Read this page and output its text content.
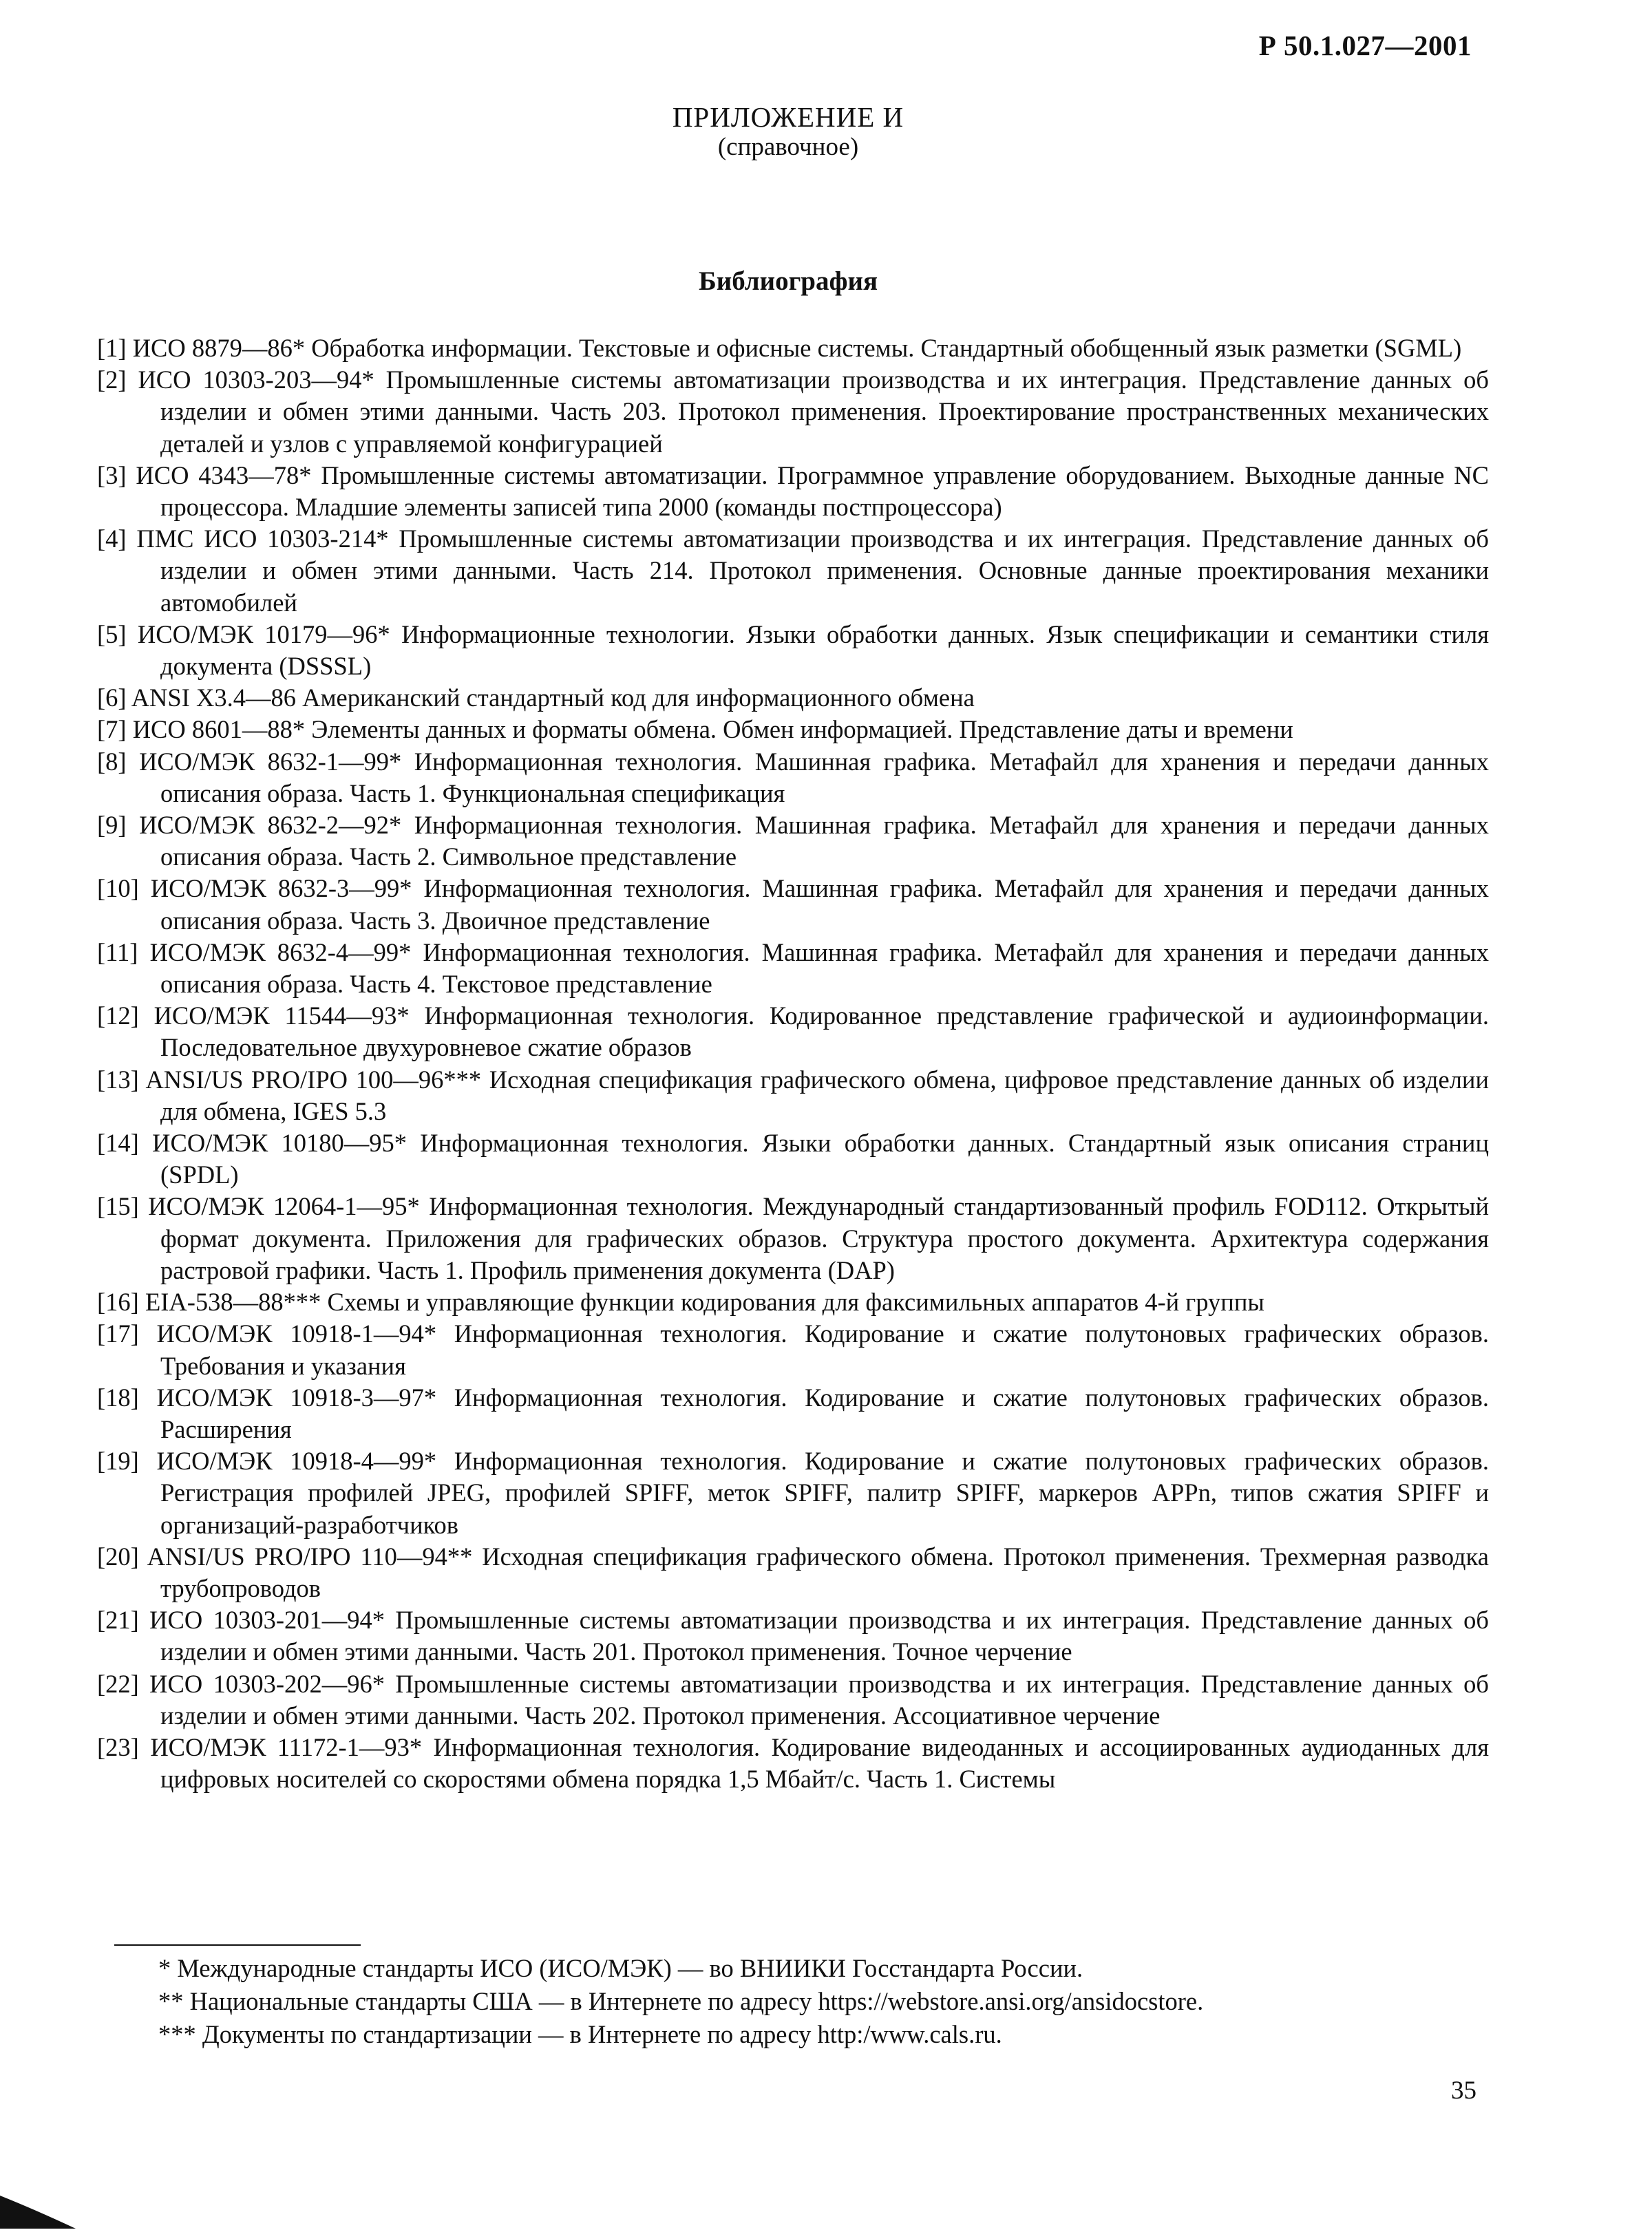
Р 50.1.027—2001
ПРИЛОЖЕНИЕ И
(справочное)
Библиография
[1] ИСО 8879—86* Обработка информации. Текстовые и офисные системы. Стандартный обобщенный язык разметки (SGML)
[2] ИСО 10303-203—94* Промышленные системы автоматизации производства и их интеграция. Представление данных об изделии и обмен этими данными. Часть 203. Протокол применения. Проектирование пространственных механических деталей и узлов с управляемой конфигурацией
[3] ИСО 4343—78* Промышленные системы автоматизации. Программное управление оборудованием. Выходные данные NC процессора. Младшие элементы записей типа 2000 (команды постпроцессора)
[4] ПМС ИСО 10303-214* Промышленные системы автоматизации производства и их интеграция. Представление данных об изделии и обмен этими данными. Часть 214. Протокол применения. Основные данные проектирования механики автомобилей
[5] ИСО/МЭК 10179—96* Информационные технологии. Языки обработки данных. Язык спецификации и семантики стиля документа (DSSSL)
[6] ANSI X3.4—86 Американский стандартный код для информационного обмена
[7] ИСО 8601—88* Элементы данных и форматы обмена. Обмен информацией. Представление даты и времени
[8] ИСО/МЭК 8632-1—99* Информационная технология. Машинная графика. Метафайл для хранения и передачи данных описания образа. Часть 1. Функциональная спецификация
[9] ИСО/МЭК 8632-2—92* Информационная технология. Машинная графика. Метафайл для хранения и передачи данных описания образа. Часть 2. Символьное представление
[10] ИСО/МЭК 8632-3—99* Информационная технология. Машинная графика. Метафайл для хранения и передачи данных описания образа. Часть 3. Двоичное представление
[11] ИСО/МЭК 8632-4—99* Информационная технология. Машинная графика. Метафайл для хранения и передачи данных описания образа. Часть 4. Текстовое представление
[12] ИСО/МЭК 11544—93* Информационная технология. Кодированное представление графической и аудиоинформации. Последовательное двухуровневое сжатие образов
[13] ANSI/US PRO/IPO 100—96*** Исходная спецификация графического обмена, цифровое представление данных об изделии для обмена, IGES 5.3
[14] ИСО/МЭК 10180—95* Информационная технология. Языки обработки данных. Стандартный язык описания страниц (SPDL)
[15] ИСО/МЭК 12064-1—95* Информационная технология. Международный стандартизованный профиль FOD112. Открытый формат документа. Приложения для графических образов. Структура простого документа. Архитектура содержания растровой графики. Часть 1. Профиль применения документа (DAP)
[16] EIA-538—88*** Схемы и управляющие функции кодирования для факсимильных аппаратов 4-й группы
[17] ИСО/МЭК 10918-1—94* Информационная технология. Кодирование и сжатие полутоновых графических образов. Требования и указания
[18] ИСО/МЭК 10918-3—97* Информационная технология. Кодирование и сжатие полутоновых графических образов. Расширения
[19] ИСО/МЭК 10918-4—99* Информационная технология. Кодирование и сжатие полутоновых графических образов. Регистрация профилей JPEG, профилей SPIFF, меток SPIFF, палитр SPIFF, маркеров APPn, типов сжатия SPIFF и организаций-разработчиков
[20] ANSI/US PRO/IPO 110—94** Исходная спецификация графического обмена. Протокол применения. Трехмерная разводка трубопроводов
[21] ИСО 10303-201—94* Промышленные системы автоматизации производства и их интеграция. Представление данных об изделии и обмен этими данными. Часть 201. Протокол применения. Точное черчение
[22] ИСО 10303-202—96* Промышленные системы автоматизации производства и их интеграция. Представление данных об изделии и обмен этими данными. Часть 202. Протокол применения. Ассоциативное черчение
[23] ИСО/МЭК 11172-1—93* Информационная технология. Кодирование видеоданных и ассоциированных аудиоданных для цифровых носителей со скоростями обмена порядка 1,5 Мбайт/с. Часть 1. Системы
* Международные стандарты ИСО (ИСО/МЭК) — во ВНИИКИ Госстандарта России.
** Национальные стандарты США — в Интернете по адресу https://webstore.ansi.org/ansidocstore.
*** Документы по стандартизации — в Интернете по адресу http:/www.cals.ru.
35
